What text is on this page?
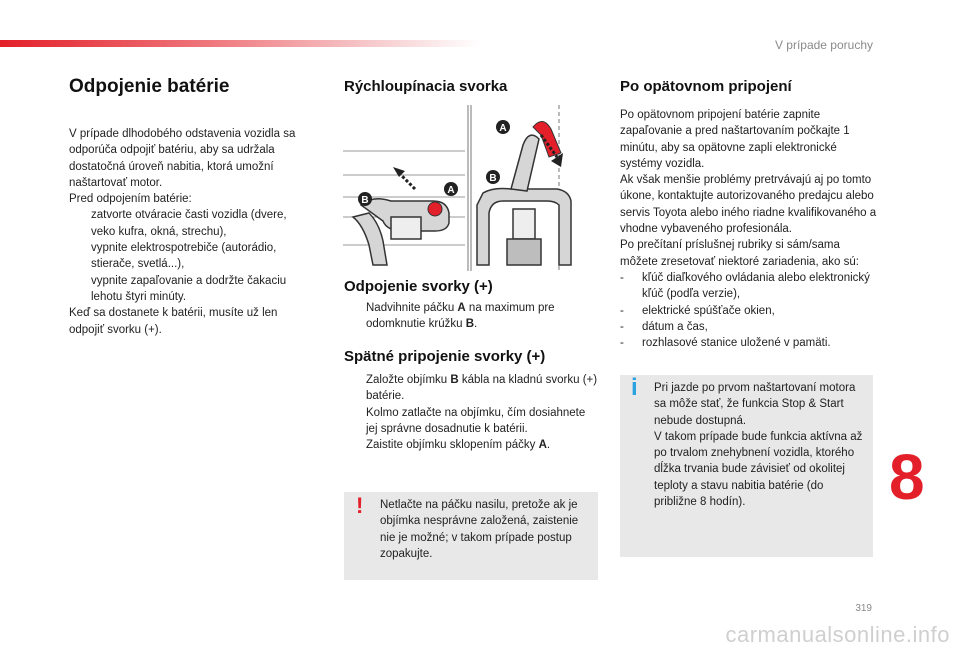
V prípade poruchy
Odpojenie batérie

V prípade dlhodobého odstavenia vozidla sa odporúča odpojiť batériu, aby sa udržala dostatočná úroveň nabitia, ktorá umožní naštartovať motor.

Pred odpojením batérie:

zatvorte otváracie časti vozidla (dvere, veko kufra, okná, strechu),
vypnite elektrospotrebiče (autorádio, stierače, svetlá...),
vypnite zapaľovanie a dodržte čakaciu lehotu štyri minúty.

Keď sa dostanete k batérii, musíte už len odpojiť svorku (+).

Rýchloupínacia svorka
A
B
A
B
Odpojenie svorky (+)
Nadvihnite páčku A na maximum pre odomknutie krúžku B.
Spätné pripojenie svorky (+)
Založte objímku B kábla na kladnú svorku (+) batérie.
Kolmo zatlačte na objímku, čím dosiahnete jej správne dosadnutie k batérii.
Zaistite objímku sklopením páčky A.
! Netlačte na páčku nasilu, pretože ak je objímka nesprávne založená, zaistenie nie je možné; v takom prípade postup zopakujte.
Po opätovnom pripojení

Po opätovnom pripojení batérie zapnite zapaľovanie a pred naštartovaním počkajte 1 minútu, aby sa opätovne zapli elektronické systémy vozidla.

Ak však menšie problémy pretrvávajú aj po tomto úkone, kontaktujte autorizovaného predajcu alebo servis Toyota alebo iného riadne kvalifikovaného a vhodne vybaveného profesionála.

Po prečítaní príslušnej rubriky si sám/sama môžete zresetovať niektoré zariadenia, ako sú:

-	kľúč diaľkového ovládania alebo elektronický kľúč (podľa verzie),
-	elektrické spúšťače okien,
-	dátum a čas,
-	rozhlasové stanice uložené v pamäti.
i Pri jazde po prvom naštartovaní motora sa môže stať, že funkcia Stop & Start nebude dostupná.
V takom prípade bude funkcia aktívna až po trvalom znehybnení vozidla, ktorého dĺžka trvania bude závisieť od okolitej teploty a stavu nabitia batérie (do približne 8 hodín).	8
319
carmanualsonline.info
